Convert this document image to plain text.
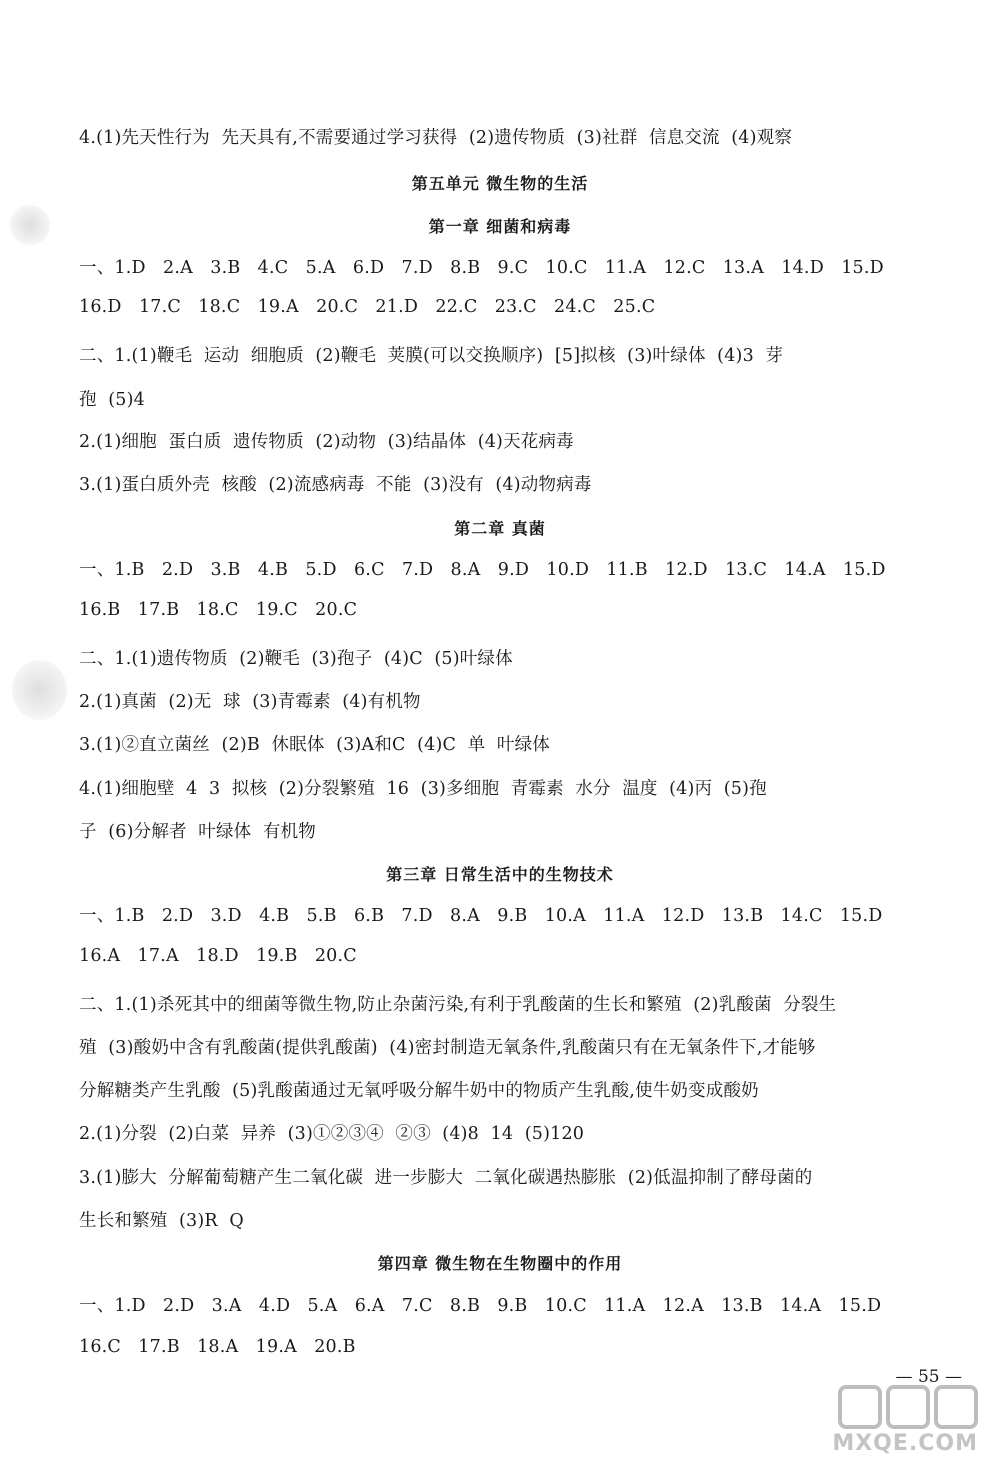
4.(1)先天性行为  先天具有,不需要通过学习获得  (2)遗传物质  (3)社群  信息交流  (4)观察
第五单元 微生物的生活
第一章 细菌和病毒
一、1.D   2.A   3.B   4.C   5.A   6.D   7.D   8.B   9.C   10.C   11.A   12.C   13.A   14.D   15.D
16.D   17.C   18.C   19.A   20.C   21.D   22.C   23.C   24.C   25.C
二、1.(1)鞭毛  运动  细胞质  (2)鞭毛  荚膜(可以交换顺序)  [5]拟核  (3)叶绿体  (4)3  芽
孢  (5)4
2.(1)细胞  蛋白质  遗传物质  (2)动物  (3)结晶体  (4)天花病毒
3.(1)蛋白质外壳  核酸  (2)流感病毒  不能  (3)没有  (4)动物病毒
第二章 真菌
一、1.B   2.D   3.B   4.B   5.D   6.C   7.D   8.A   9.D   10.D   11.B   12.D   13.C   14.A   15.D
16.B   17.B   18.C   19.C   20.C
二、1.(1)遗传物质  (2)鞭毛  (3)孢子  (4)C  (5)叶绿体
2.(1)真菌  (2)无  球  (3)青霉素  (4)有机物
3.(1)②直立菌丝  (2)B  休眠体  (3)A和C  (4)C  单  叶绿体
4.(1)细胞壁  4  3  拟核  (2)分裂繁殖  16  (3)多细胞  青霉素  水分  温度  (4)丙  (5)孢
子  (6)分解者  叶绿体  有机物
第三章 日常生活中的生物技术
一、1.B   2.D   3.D   4.B   5.B   6.B   7.D   8.A   9.B   10.A   11.A   12.D   13.B   14.C   15.D
16.A   17.A   18.D   19.B   20.C
二、1.(1)杀死其中的细菌等微生物,防止杂菌污染,有利于乳酸菌的生长和繁殖  (2)乳酸菌  分裂生
殖  (3)酸奶中含有乳酸菌(提供乳酸菌)  (4)密封制造无氧条件,乳酸菌只有在无氧条件下,才能够
分解糖类产生乳酸  (5)乳酸菌通过无氧呼吸分解牛奶中的物质产生乳酸,使牛奶变成酸奶
2.(1)分裂  (2)白菜  异养  (3)①②③④  ②③  (4)8  14  (5)120
3.(1)膨大  分解葡萄糖产生二氧化碳  进一步膨大  二氧化碳遇热膨胀  (2)低温抑制了酵母菌的
生长和繁殖  (3)R  Q
第四章 微生物在生物圈中的作用
一、1.D   2.D   3.A   4.D   5.A   6.A   7.C   8.B   9.B   10.C   11.A   12.A   13.B   14.A   15.D
16.C   17.B   18.A   19.A   20.B
— 55 —
MXQE.COM
